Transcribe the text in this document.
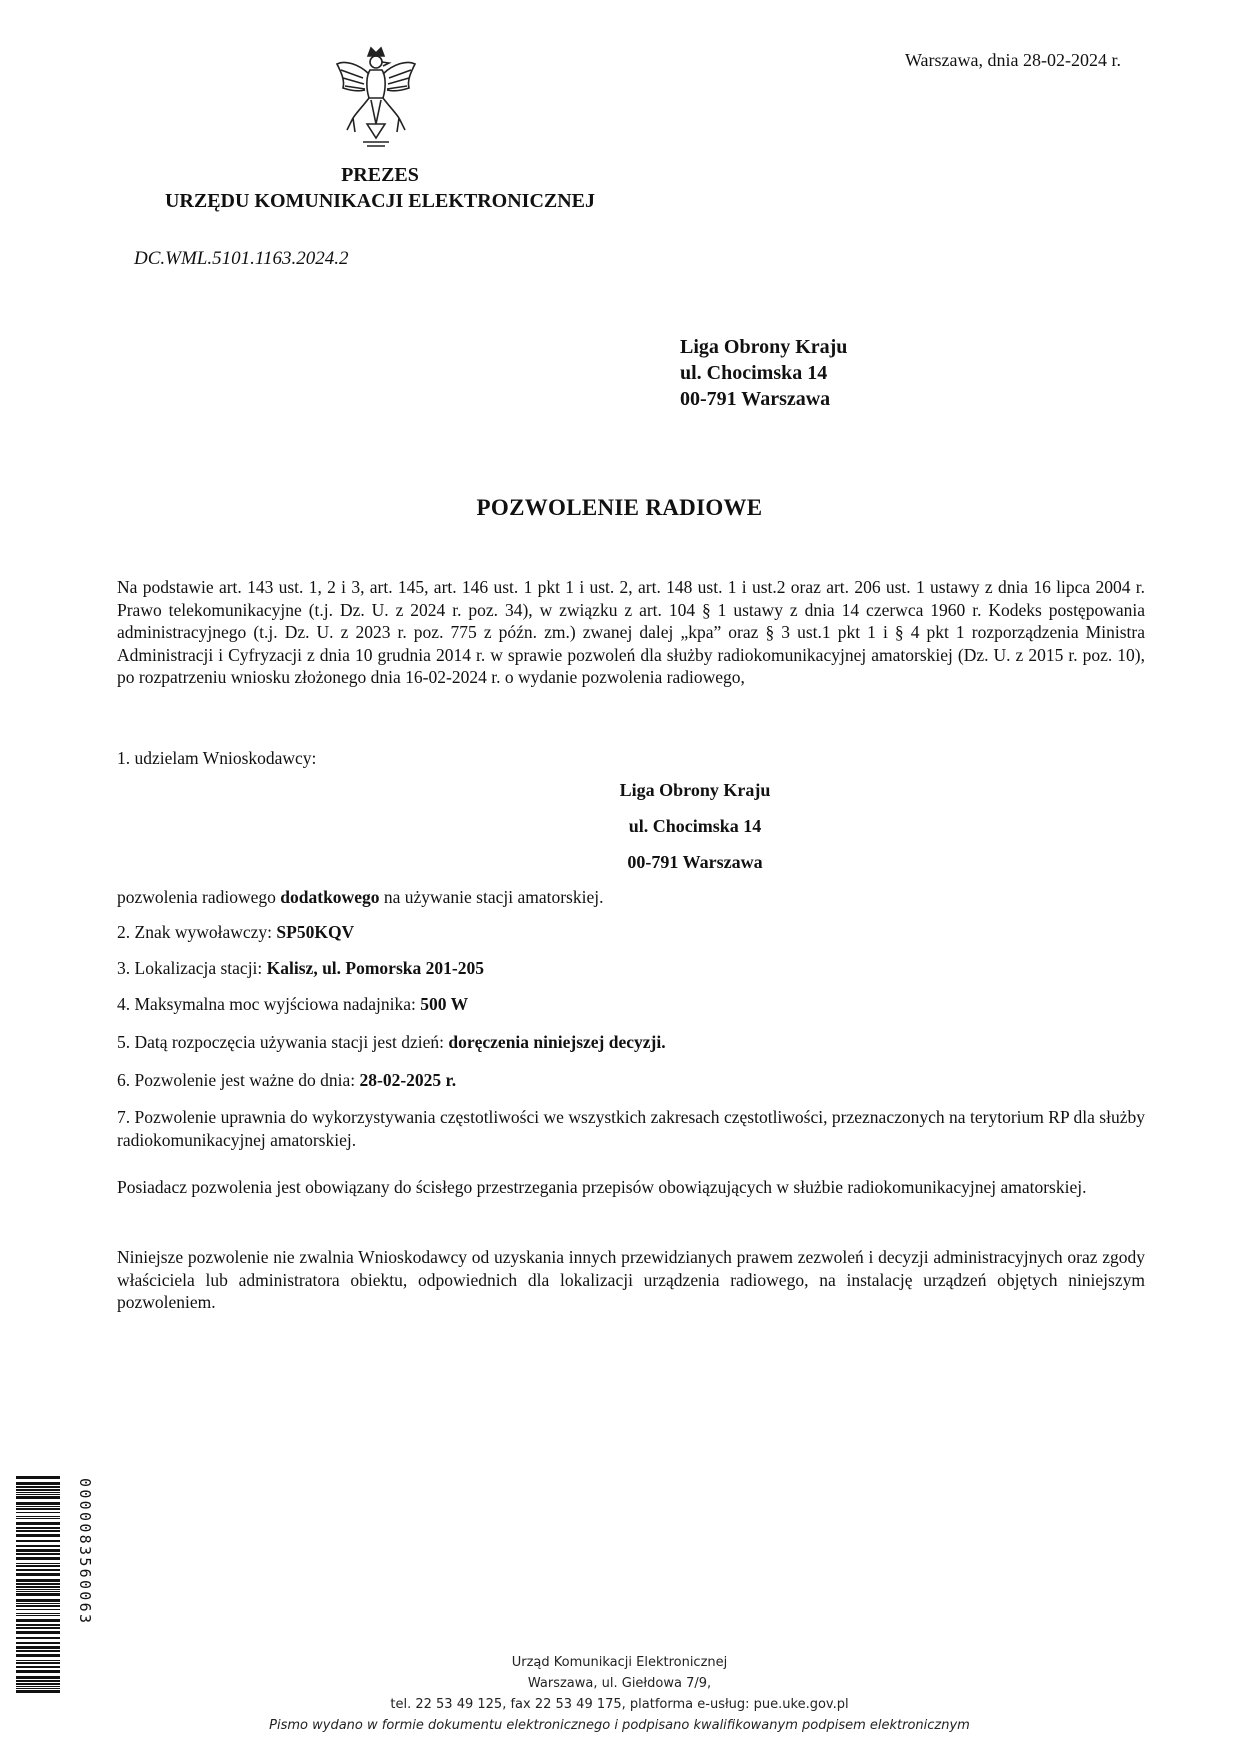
Warszawa, dnia 28-02-2024 r.
PREZES
URZĘDU KOMUNIKACJI ELEKTRONICZNEJ
DC.WML.5101.1163.2024.2
Liga Obrony Kraju
ul. Chocimska 14
00-791 Warszawa
POZWOLENIE RADIOWE
Na podstawie art. 143 ust. 1, 2 i 3, art. 145, art. 146 ust. 1 pkt 1 i ust. 2, art. 148 ust. 1 i ust.2 oraz art. 206 ust. 1 ustawy z dnia 16 lipca 2004 r. Prawo telekomunikacyjne (t.j. Dz. U. z 2024 r. poz. 34), w związku z art. 104 § 1 ustawy z dnia 14 czerwca 1960 r. Kodeks postępowania administracyjnego (t.j. Dz. U. z 2023 r. poz. 775 z późn. zm.) zwanej dalej „kpa” oraz § 3 ust.1 pkt 1 i § 4 pkt 1 rozporządzenia Ministra Administracji i Cyfryzacji z dnia 10 grudnia 2014 r. w sprawie pozwoleń dla służby radiokomunikacyjnej amatorskiej (Dz. U. z 2015 r. poz. 10), po rozpatrzeniu wniosku złożonego dnia 16-02-2024 r. o wydanie pozwolenia radiowego,
1. udzielam Wnioskodawcy:
Liga Obrony Kraju
ul. Chocimska 14
00-791 Warszawa
pozwolenia radiowego dodatkowego na używanie stacji amatorskiej.
2. Znak wywoławczy: SP50KQV
3. Lokalizacja stacji: Kalisz, ul. Pomorska 201-205
4. Maksymalna moc wyjściowa nadajnika: 500 W
5. Datą rozpoczęcia używania stacji jest dzień: doręczenia niniejszej decyzji.
6. Pozwolenie jest ważne do dnia: 28-02-2025 r.
7. Pozwolenie uprawnia do wykorzystywania częstotliwości we wszystkich zakresach częstotliwości, przeznaczonych na terytorium RP dla służby radiokomunikacyjnej amatorskiej.
Posiadacz pozwolenia jest obowiązany do ścisłego przestrzegania przepisów obowiązujących w służbie radiokomunikacyjnej amatorskiej.
Niniejsze pozwolenie nie zwalnia Wnioskodawcy od uzyskania innych przewidzianych prawem zezwoleń i decyzji administracyjnych oraz zgody właściciela lub administratora obiektu, odpowiednich dla lokalizacji urządzenia radiowego, na instalację urządzeń objętych niniejszym pozwoleniem.
0000083560063
Urząd Komunikacji Elektronicznej
Warszawa, ul. Giełdowa 7/9,
tel. 22 53 49 125, fax 22 53 49 175, platforma e-usług: pue.uke.gov.pl
Pismo wydano w formie dokumentu elektronicznego i podpisano kwalifikowanym podpisem elektronicznym
